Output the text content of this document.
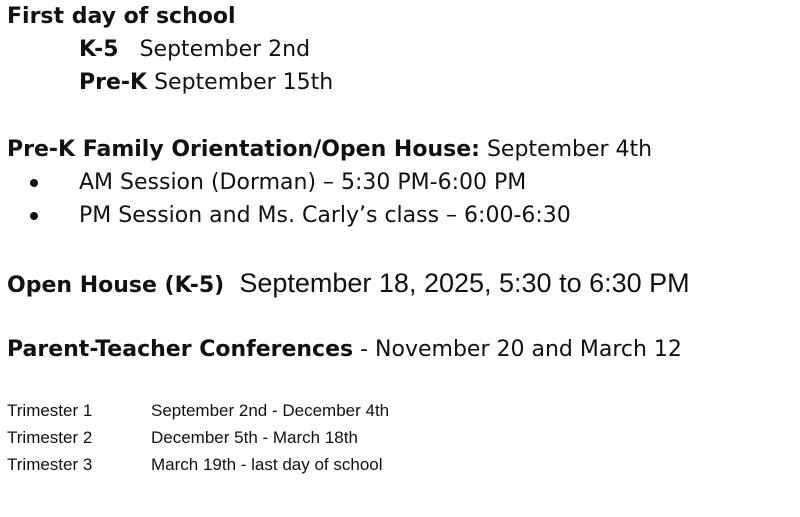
First day of school
K-5 September 2nd
Pre-K September 15th
Pre-K Family Orientation/Open House: September 4th
AM Session (Dorman) – 5:30 PM-6:00 PM
PM Session and Ms. Carly’s class – 6:00-6:30
Open House (K-5) September 18, 2025, 5:30 to 6:30 PM
Parent-Teacher Conferences - November 20 and March 12
Trimester 1	September 2nd - December 4th
Trimester 2	December 5th - March 18th
Trimester 3	March 19th - last day of school
